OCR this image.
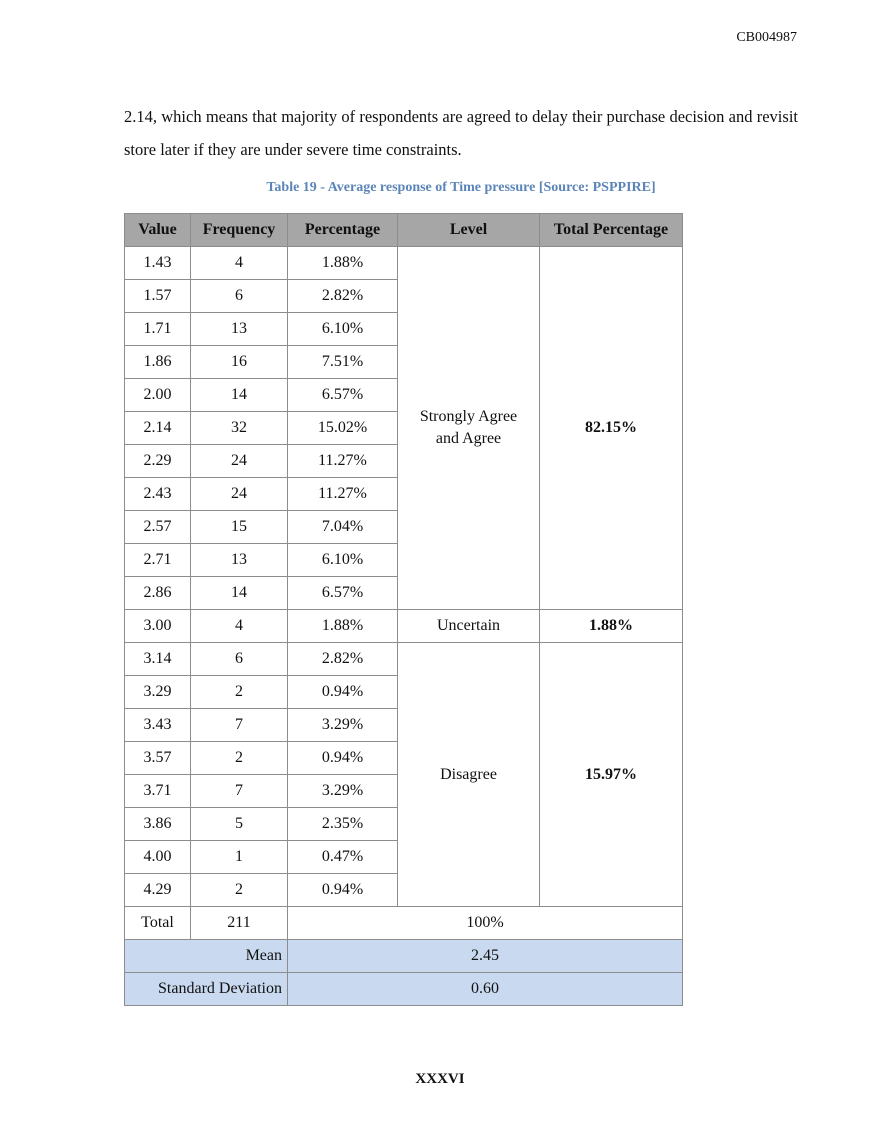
CB004987

2.14, which means that majority of respondents are agreed to delay their purchase decision and revisit store later if they are under severe time constraints.

Table 19 - Average response of Time pressure [Source: PSPPIRE]
Value	Frequency	Percentage	Level	Total Percentage
1.43	4	1.88%	Strongly Agree and Agree	82.15%
1.57	6	2.82%		
1.71	13	6.10%		
1.86	16	7.51%		
2.00	14	6.57%		
2.14	32	15.02%		
2.29	24	11.27%		
2.43	24	11.27%		
2.57	15	7.04%		
2.71	13	6.10%		
2.86	14	6.57%		
3.00	4	1.88%	Uncertain	1.88%
3.14	6	2.82%	Disagree	15.97%
3.29	2	0.94%		
3.43	7	3.29%		
3.57	2	0.94%		
3.71	7	3.29%		
3.86	5	2.35%		
4.00	1	0.47%		
4.29	2	0.94%		
Total	211	100%		
Mean		2.45		
Standard Deviation		0.60		
XXXVI
